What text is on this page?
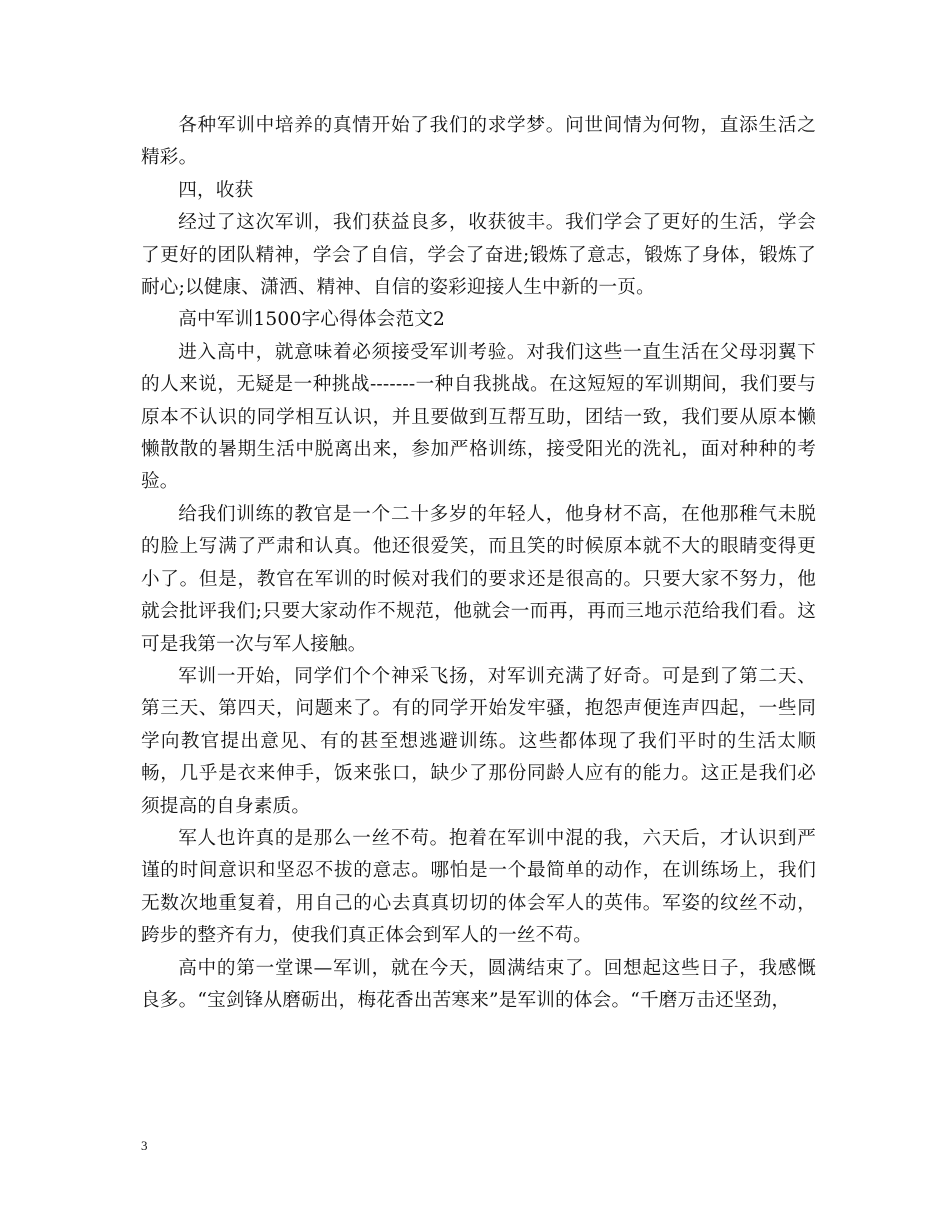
各种军训中培养的真情开始了我们的求学梦。问世间情为何物，直添生活之精彩。

四，收获

经过了这次军训，我们获益良多，收获彼丰。我们学会了更好的生活，学会了更好的团队精神，学会了自信，学会了奋进;锻炼了意志，锻炼了身体，锻炼了耐心;以健康、潇洒、精神、自信的姿彩迎接人生中新的一页。

高中军训1500字心得体会范文2

进入高中，就意味着必须接受军训考验。对我们这些一直生活在父母羽翼下的人来说，无疑是一种挑战-------一种自我挑战。在这短短的军训期间，我们要与原本不认识的同学相互认识，并且要做到互帮互助，团结一致，我们要从原本懒懒散散的暑期生活中脱离出来，参加严格训练，接受阳光的洗礼，面对种种的考验。

给我们训练的教官是一个二十多岁的年轻人，他身材不高，在他那稚气未脱的脸上写满了严肃和认真。他还很爱笑，而且笑的时候原本就不大的眼睛变得更小了。但是，教官在军训的时候对我们的要求还是很高的。只要大家不努力，他就会批评我们;只要大家动作不规范，他就会一而再，再而三地示范给我们看。这可是我第一次与军人接触。

军训一开始，同学们个个神采飞扬，对军训充满了好奇。可是到了第二天、第三天、第四天，问题来了。有的同学开始发牢骚，抱怨声便连声四起，一些同学向教官提出意见、有的甚至想逃避训练。这些都体现了我们平时的生活太顺畅，几乎是衣来伸手，饭来张口，缺少了那份同龄人应有的能力。这正是我们必须提高的自身素质。

军人也许真的是那么一丝不苟。抱着在军训中混的我，六天后，才认识到严谨的时间意识和坚忍不拔的意志。哪怕是一个最简单的动作，在训练场上，我们无数次地重复着，用自己的心去真真切切的体会军人的英伟。军姿的纹丝不动，跨步的整齐有力，使我们真正体会到军人的一丝不苟。

高中的第一堂课—军训，就在今天，圆满结束了。回想起这些日子，我感慨良多。“宝剑锋从磨砺出，梅花香出苦寒来”是军训的体会。“千磨万击还坚劲，

3
